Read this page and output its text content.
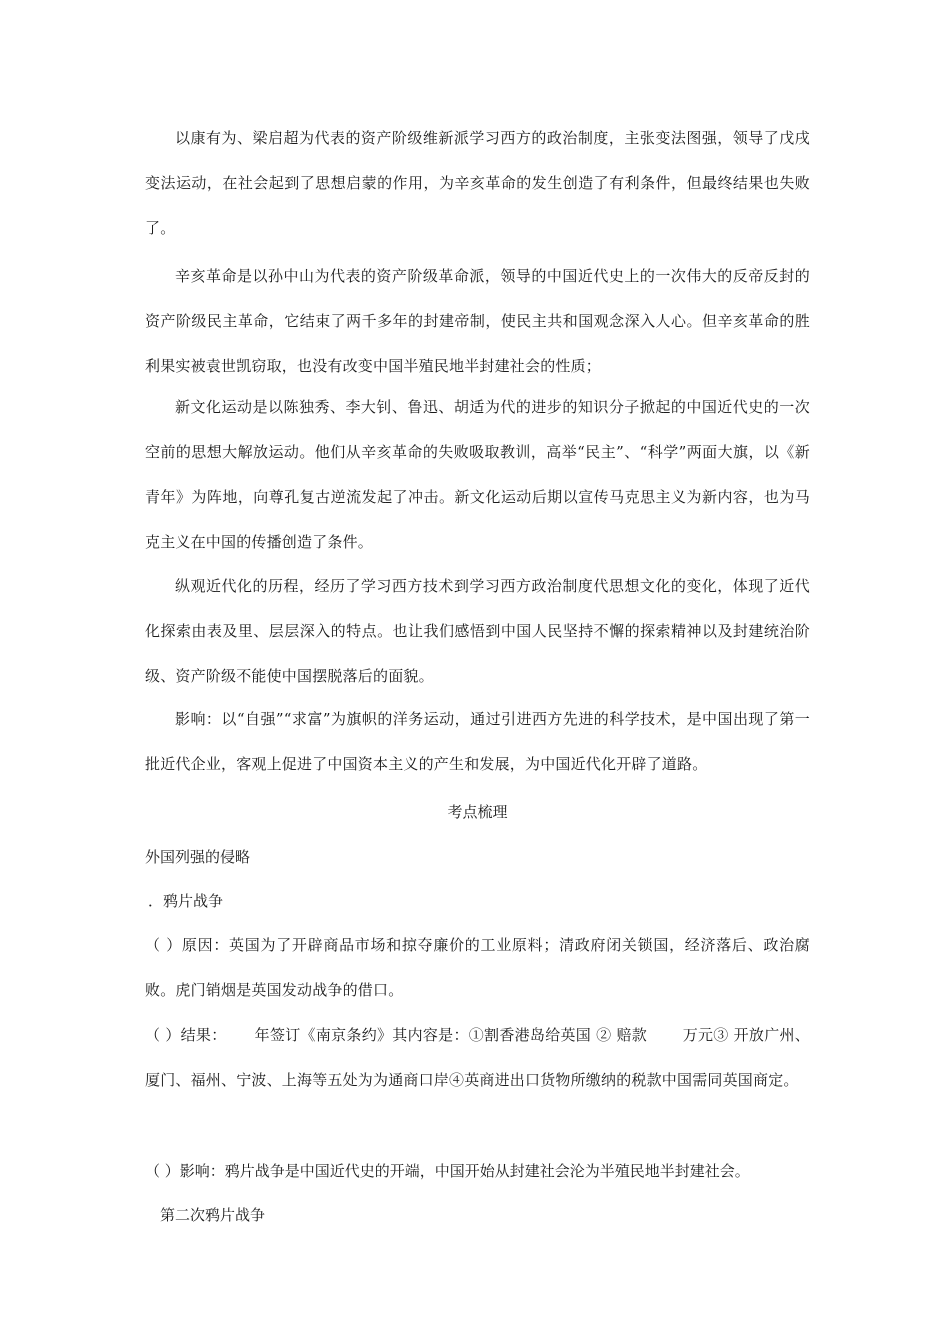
以康有为、梁启超为代表的资产阶级维新派学习西方的政治制度，主张变法图强，领导了戊戌变法运动，在社会起到了思想启蒙的作用，为辛亥革命的发生创造了有利条件，但最终结果也失败了。

辛亥革命是以孙中山为代表的资产阶级革命派，领导的中国近代史上的一次伟大的反帝反封的资产阶级民主革命，它结束了两千多年的封建帝制，使民主共和国观念深入人心。但辛亥革命的胜利果实被袁世凯窃取，也没有改变中国半殖民地半封建社会的性质；

新文化运动是以陈独秀、李大钊、鲁迅、胡适为代的进步的知识分子掀起的中国近代史的一次空前的思想大解放运动。他们从辛亥革命的失败吸取教训，高举“民主”、“科学”两面大旗，以《新青年》为阵地，向尊孔复古逆流发起了冲击。新文化运动后期以宣传马克思主义为新内容，也为马克主义在中国的传播创造了条件。

纵观近代化的历程，经历了学习西方技术到学习西方政治制度代思想文化的变化，体现了近代化探索由表及里、层层深入的特点。也让我们感悟到中国人民坚持不懈的探索精神以及封建统治阶级、资产阶级不能使中国摆脱落后的面貌。

影响：以“自强”“求富”为旗帜的洋务运动，通过引进西方先进的科学技术，是中国出现了第一批近代企业，客观上促进了中国资本主义的产生和发展，为中国近代化开辟了道路。

考点梳理

外国列强的侵略

．鸦片战争

（ ）原因：英国为了开辟商品市场和掠夺廉价的工业原料；清政府闭关锁国，经济落后、政治腐败。虎门销烟是英国发动战争的借口。

（ ）结果：　　 年签订《南京条约》其内容是：①割香港岛给英国 ② 赔款　　 万元③ 开放广州、厦门、福州、宁波、上海等五处为为通商口岸④英商进出口货物所缴纳的税款中国需同英国商定。

（ ）影响：鸦片战争是中国近代史的开端，中国开始从封建社会沦为半殖民地半封建社会。

第二次鸦片战争
